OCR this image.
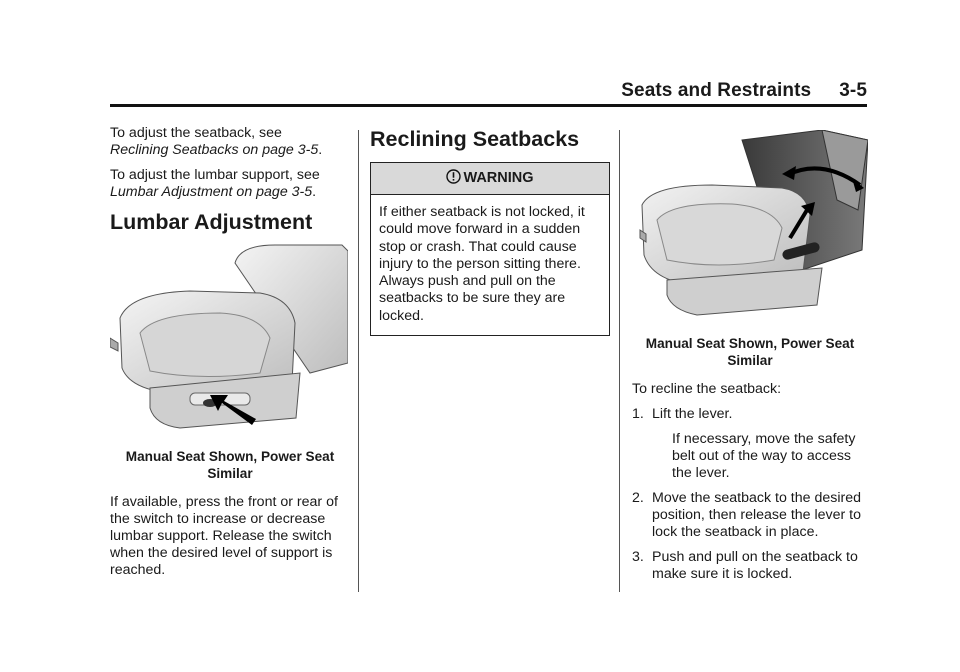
Seats and Restraints 3-5

To adjust the seatback, see
Reclining Seatbacks on page 3-5.

To adjust the lumbar support, see
Lumbar Adjustment on page 3-5.

Lumbar Adjustment
Manual Seat Shown, Power Seat
Similar

If available, press the front or rear of the switch to increase or decrease lumbar support. Release the switch when the desired level of support is reached.

Reclining Seatbacks
WARNING
If either seatback is not locked, it could move forward in a sudden stop or crash. That could cause injury to the person sitting there. Always push and pull on the seatbacks to be sure they are locked.
Manual Seat Shown, Power Seat
Similar

To recline the seatback:

1. Lift the lever.
If necessary, move the safety belt out of the way to access the lever.
2. Move the seatback to the desired position, then release the lever to lock the seatback in place.
3. Push and pull on the seatback to make sure it is locked.
